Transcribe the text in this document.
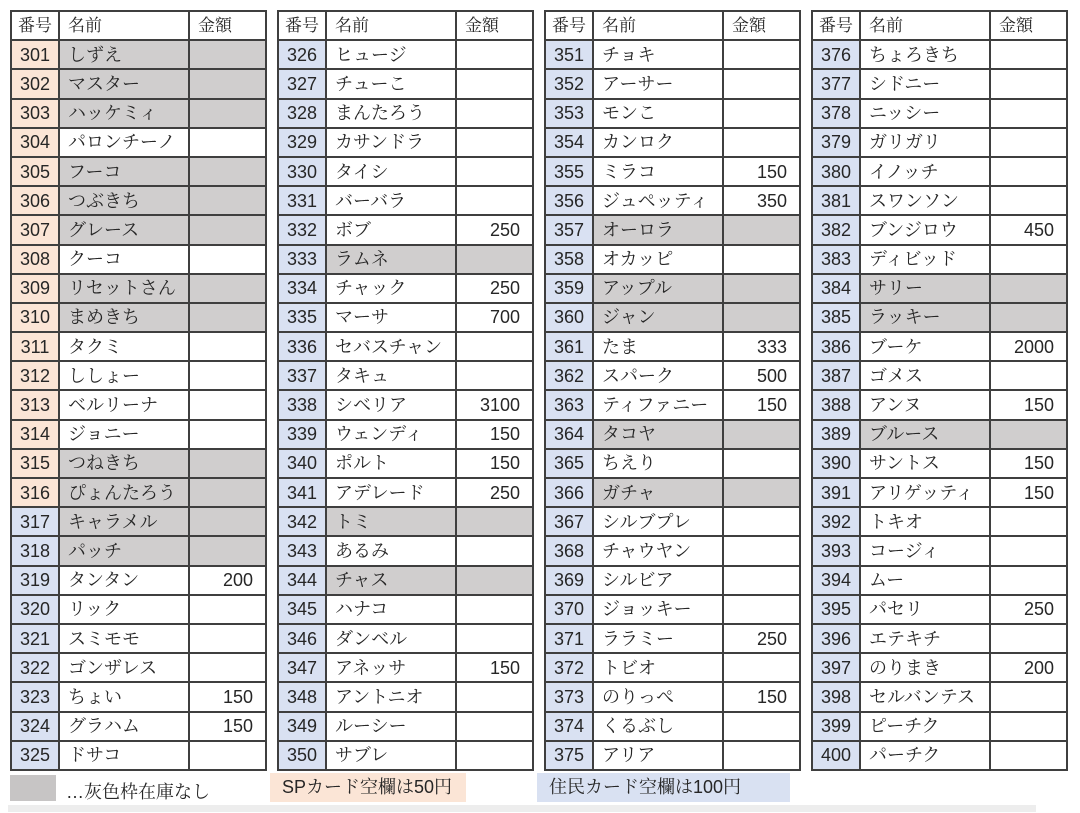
番号	名前	金額
301	しずえ	
302	マスター	
303	ハッケミィ	
304	パロンチーノ	
305	フーコ	
306	つぶきち	
307	グレース	
308	クーコ	
309	リセットさん	
310	まめきち	
311	タクミ	
312	ししょー	
313	ベルリーナ	
314	ジョニー	
315	つねきち	
316	ぴょんたろう	
317	キャラメル	
318	パッチ	
319	タンタン	200
320	リック	
321	スミモモ	
322	ゴンザレス	
323	ちょい	150
324	グラハム	150
325	ドサコ	
番号	名前	金額
326	ヒュージ	
327	チューこ	
328	まんたろう	
329	カサンドラ	
330	タイシ	
331	バーバラ	
332	ボブ	250
333	ラムネ	
334	チャック	250
335	マーサ	700
336	セバスチャン	
337	タキュ	
338	シベリア	3100
339	ウェンディ	150
340	ポルト	150
341	アデレード	250
342	トミ	
343	あるみ	
344	チャス	
345	ハナコ	
346	ダンベル	
347	アネッサ	150
348	アントニオ	
349	ルーシー	
350	サブレ	
番号	名前	金額
351	チョキ	
352	アーサー	
353	モンこ	
354	カンロク	
355	ミラコ	150
356	ジュペッティ	350
357	オーロラ	
358	オカッピ	
359	アップル	
360	ジャン	
361	たま	333
362	スパーク	500
363	ティファニー	150
364	タコヤ	
365	ちえり	
366	ガチャ	
367	シルブプレ	
368	チャウヤン	
369	シルビア	
370	ジョッキー	
371	ララミー	250
372	トビオ	
373	のりっぺ	150
374	くるぶし	
375	アリア	
番号	名前	金額
376	ちょろきち	
377	シドニー	
378	ニッシー	
379	ガリガリ	
380	イノッチ	
381	スワンソン	
382	ブンジロウ	450
383	ディビッド	
384	サリー	
385	ラッキー	
386	ブーケ	2000
387	ゴメス	
388	アンヌ	150
389	ブルース	
390	サントス	150
391	アリゲッティ	150
392	トキオ	
393	コージィ	
394	ムー	
395	パセリ	250
396	エテキチ	
397	のりまき	200
398	セルバンテス	
399	ピーチク	
400	パーチク	
…灰色枠在庫なし	SPカード空欄は50円	住民カード空欄は100円
